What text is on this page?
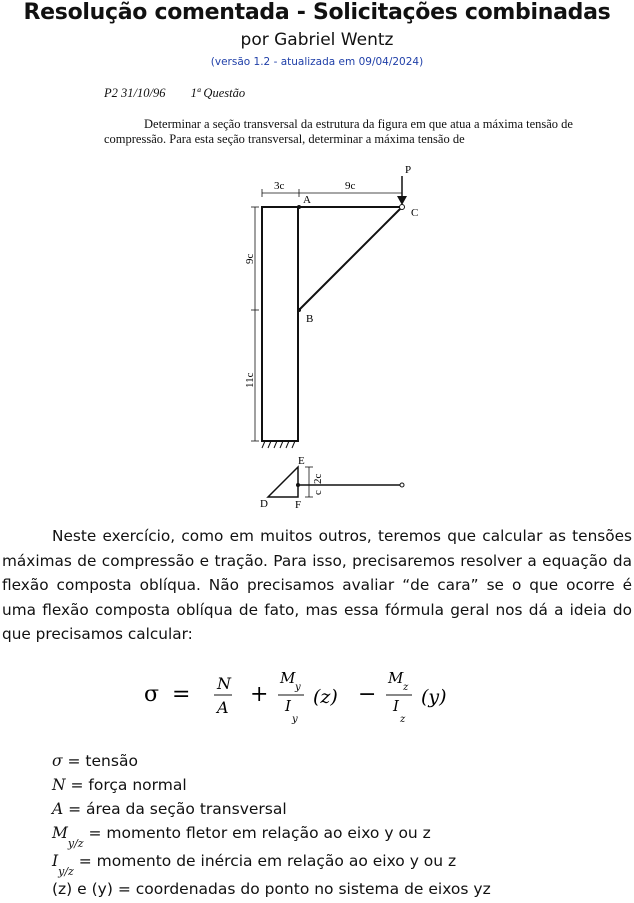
Resolução comentada - Solicitações combinadas
por Gabriel Wentz
(versão 1.2 - atualizada em 09/04/2024)
P2 31/10/96 1ª Questão
Determinar a seção transversal da estrutura da figura em que atua a máxima tensão de compressão. Para esta seção transversal, determinar a máxima tensão de
P
A
B
C
3c	9c
9c
11c
E
D F
2c
c
Neste exercício, como em muitos outros, teremos que calcular as tensões máximas de compressão e tração. Para isso, precisaremos resolver a equação da flexão composta oblíqua. Não precisamos avaliar “de cara” se o que ocorre é uma flexão composta oblíqua de fato, mas essa fórmula geral nos dá a ideia do que precisamos calcular:
σ = N
A
+
M
y
I
y
(z) −
M
z
I
z
(y)
σ = tensão
N = força normal
A = área da seção transversal
$M_{y/z}$ = momento fletor em relação ao eixo y ou z
$I_{y/z}$ = momento de inércia em relação ao eixo y ou z
(z) e (y) = coordenadas do ponto no sistema de eixos yz
